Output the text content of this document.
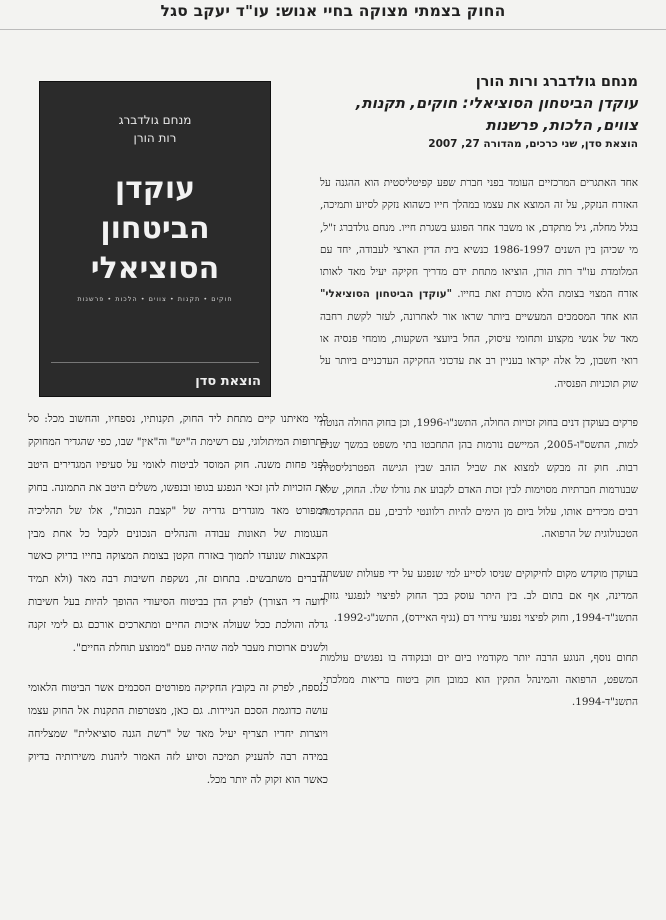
החוק בצמתי מצוקה בחיי אנוש: עו"ד יעקב סגל
מנחם גולדברג
רות הורן
עוקדן
הביטחון
הסוציאלי
חוקים • תקנות • צווים • הלכות • פרשנות
הוצאת סדן
מנחם גולדברג ורות הורן
עוקדן הביטחון הסוציאלי: חוקים, תקנות, צווים, הלכות, פרשנות
הוצאת סדן, שני כרכים, מהדורה 27, 2007

אחד האתגרים המרכזיים העומד בפני חברת שפע קפיטליסטית הוא ההגנה על האזרח הנזקק, על זה המוצא את עצמו במהלך חייו כשהוא נזקק לסיוע ותמיכה, בגלל מחלה, גיל מתקדם, או משבר אחר הפוגע בשגרת חייו. מנחם גולדברג ז"ל, מי שכיהן בין השנים 1986-1997 כנשיא בית הדין הארצי לעבודה, יחד עם המלומדת עו"ד רות הורן, הוציאו מתחת ידם מדריך חקיקה יעיל מאד לאותו אזרח המצוי בצומת הלא מוכרת זאת בחייו. "עוקדן הביטחון הסוציאלי" הוא אחד המסמכים המעשיים ביותר שראו אור לאחרונה, לעזר לקשת רחבה מאד של אנשי מקצוע ותחומי עיסוק, החל ביועצי השקעות, מומחי פנסיה או רואי חשבון, כל אלה יקראו בעניין רב את עדכוני החקיקה העדכניים ביותר על שוק תוכניות הפנסיה.

פרקים בעוקדן דנים בחוק זכויות החולה, התשנ"ו-1996, וכן בחוק החולה הנוטה למות, התשס"ו-2005, המיישם נורמות בהן התחבטו בתי משפט במשך שנים רבות. חוק זה מבקש למצוא את שביל הזהב שבין הגישה הפטרנליסטית שבנורמות חברתיות מסוימות לבין זכות האדם לקבוע את גורלו שלו. החוק, שלא רבים מכירים אותו, עלול ביום מן הימים להיות רלוונטי לרבים, עם ההתקדמות הטכנולוגית של הרפואה.

בעוקדן מוקדש מקום לחיקוקים שניסו לסייע למי שנפגע על ידי פעולות שעשתה המדינה, אף אם בתום לב. בין היתר עוסק בכך החוק לפיצוי לנפגעי גזזת, התשנ"ד-1994, וחוק לפיצוי נפגעי עירוי דם (נגיף האיידס), התשנ"ג-1992.

תחום נוסף, הנוגע הרבה יותר מקודמיו ביום יום ובנקודה בו נפגשים עולמות המשפט, הרפואה והמינהל התקין הוא כמובן חוק ביטוח בריאות ממלכתי, התשנ"ד-1994.

למי מאיתנו קיים מתחת ליד החוק, תקנותיו, נספחיו, והחשוב מכל: סל התרופות המיתולוגי, עם רשימת ה"יש" וה"אין" שבו, כפי שהגדיר המחוקק לפני פחות משנה. חוק המוסד לביטוח לאומי על סעיפיו המגדירים היטב את הזכויות להן זכאי הנפגע בגופו ובנפשו, משלים היטב את התמונה. בחוק המפורט מאד מוגדרים גדריה של "קצבת הנכות", אלו של תהליכיה העגומות של תאונות עבודה והנהלים הנכונים לקבל כל אחת מבין הקצבאות שנועדו לתמוך באזרח הקטן בצומת המצוקה בחייו בדיוק כאשר הדברים משתבשים. בתחום זה, נשקפת חשיבות רבה מאד (ולא תמיד ידועה די הצורך) לפרק הדן בביטוח הסיעודי ההופך להיות בעל חשיבות גדלה והולכת ככל שעולה איכות החיים ומתארכים אורכם גם לימי זקנה ולשנים ארוכות מעבר למה שהיה פעם "ממוצע תוחלת החיים".

כנספח, לפרק זה בקובץ החקיקה מפורטים הסכמים אשר הביטוח הלאומי עושה כדוגמת הסכם הניידות. גם כאן, מצטרפות התקנות אל החוק עצמו ויוצרות יחדיו תצריף יעיל מאד של "רשת הגנה סוציאלית" שמצליחה במידה רבה להעניק תמיכה וסיוע לזה האמור ליהנות משירותיה בדיוק כאשר הוא זקוק לה יותר מכל.
